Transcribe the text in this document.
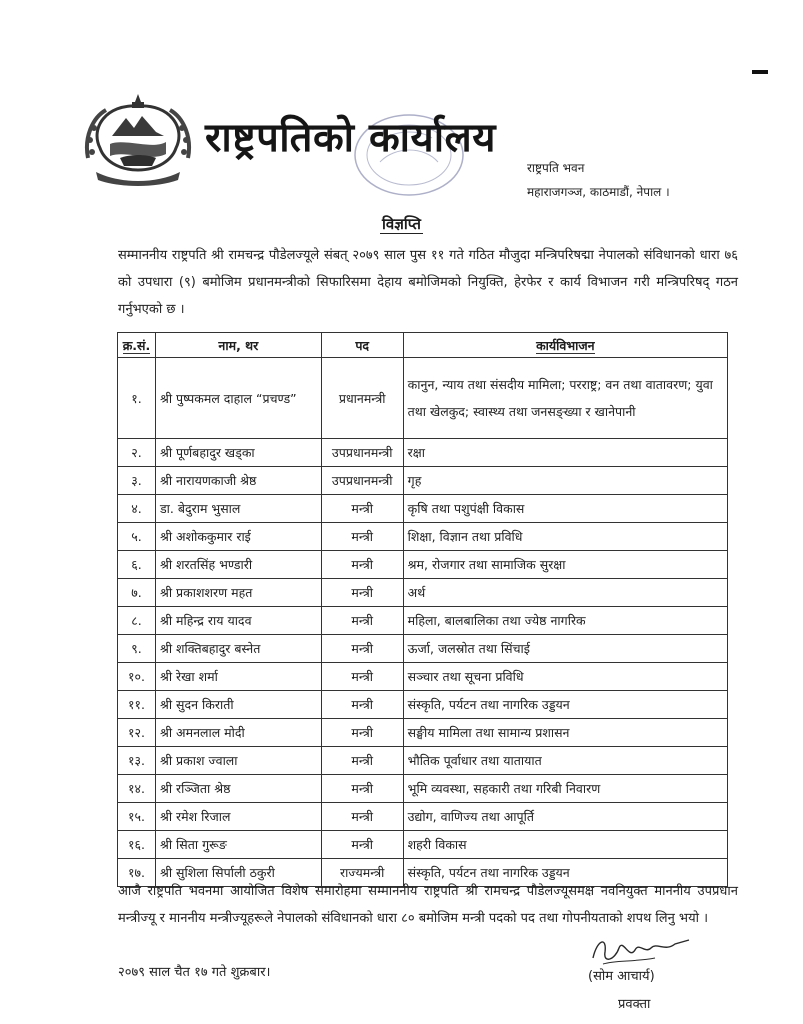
राष्ट्रपतिको कार्यालय
राष्ट्रपति भवन
महाराजगञ्ज, काठमाडौं, नेपाल ।
विज्ञप्ति
सम्माननीय राष्ट्रपति श्री रामचन्द्र पौडेलज्यूले संबत् २०७९ साल पुस ११ गते गठित मौजुदा मन्त्रिपरिषद्मा नेपालको संविधानको धारा ७६ को उपधारा (९) बमोजिम प्रधानमन्त्रीको सिफारिसमा देहाय बमोजिमको नियुक्ति, हेरफेर र कार्य विभाजन गरी मन्त्रिपरिषद् गठन गर्नुभएको छ ।
क्र.सं.	नाम, थर	पद	कार्यविभाजन
१.	श्री पुष्पकमल दाहाल “प्रचण्ड”	प्रधानमन्त्री	कानुन, न्याय तथा संसदीय मामिला; परराष्ट्र; वन तथा वातावरण; युवा तथा खेलकुद; स्वास्थ्य तथा जनसङ्ख्या र खानेपानी
२.	श्री पूर्णबहादुर खड्का	उपप्रधानमन्त्री	रक्षा
३.	श्री नारायणकाजी श्रेष्ठ	उपप्रधानमन्त्री	गृह
४.	डा. बेदुराम भुसाल	मन्त्री	कृषि तथा पशुपंक्षी विकास
५.	श्री अशोककुमार राई	मन्त्री	शिक्षा, विज्ञान तथा प्रविधि
६.	श्री शरतसिंह भण्डारी	मन्त्री	श्रम, रोजगार तथा सामाजिक सुरक्षा
७.	श्री प्रकाशशरण महत	मन्त्री	अर्थ
८.	श्री महिन्द्र राय यादव	मन्त्री	महिला, बालबालिका तथा ज्येष्ठ नागरिक
९.	श्री शक्तिबहादुर बस्नेत	मन्त्री	ऊर्जा, जलस्रोत तथा सिंचाई
१०.	श्री रेखा शर्मा	मन्त्री	सञ्चार तथा सूचना प्रविधि
११.	श्री सुदन किराती	मन्त्री	संस्कृति, पर्यटन तथा नागरिक उड्डयन
१२.	श्री अमनलाल मोदी	मन्त्री	सङ्घीय मामिला तथा सामान्य प्रशासन
१३.	श्री प्रकाश ज्वाला	मन्त्री	भौतिक पूर्वाधार तथा यातायात
१४.	श्री रञ्जिता श्रेष्ठ	मन्त्री	भूमि व्यवस्था, सहकारी तथा गरिबी निवारण
१५.	श्री रमेश रिजाल	मन्त्री	उद्योग, वाणिज्य तथा आपूर्ति
१६.	श्री सिता गुरूङ	मन्त्री	शहरी विकास
१७.	श्री सुशिला सिर्पाली ठकुरी	राज्यमन्त्री	संस्कृति, पर्यटन तथा नागरिक उड्डयन
आजै राष्ट्रपति भवनमा आयोजित विशेष समारोहमा सम्माननीय राष्ट्रपति श्री रामचन्द्र पौडेलज्यूसमक्ष नवनियुक्त माननीय उपप्रधान मन्त्रीज्यू र माननीय मन्त्रीज्यूहरूले नेपालको संविधानको धारा ८० बमोजिम मन्त्री पदको पद तथा गोपनीयताको शपथ लिनु भयो ।
२०७९ साल चैत १७ गते शुक्रबार।	(सोम आचार्य)
प्रवक्ता
